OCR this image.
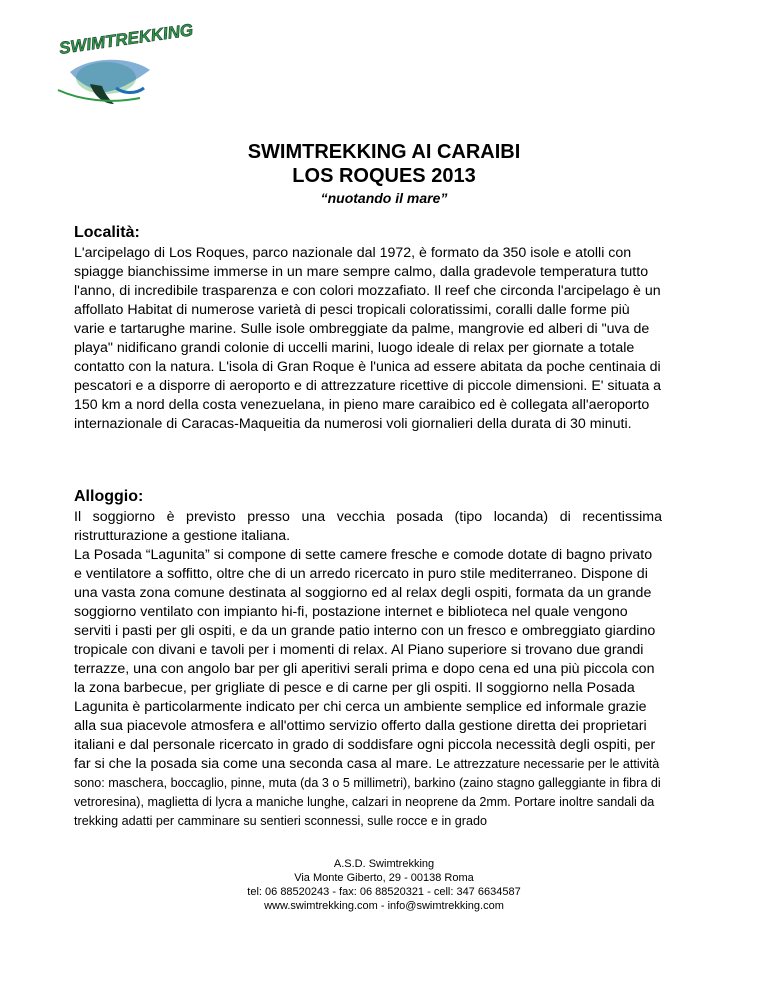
SWIMTREKKING
SWIMTREKKING AI CARAIBI
LOS ROQUES 2013
“nuotando il mare”
Località:

L'arcipelago di Los Roques, parco nazionale dal 1972, è formato da 350 isole e atolli con spiagge bianchissime immerse in un mare sempre calmo, dalla gradevole temperatura tutto l'anno, di incredibile trasparenza e con colori mozzafiato. Il reef che circonda l'arcipelago è un affollato Habitat di numerose varietà di pesci tropicali coloratissimi, coralli dalle forme più varie e tartarughe marine. Sulle isole ombreggiate da palme, mangrovie ed alberi di "uva de playa" nidificano grandi colonie di uccelli marini, luogo ideale di relax per giornate a totale contatto con la natura. L'isola di Gran Roque è l'unica ad essere abitata da poche centinaia di pescatori e a disporre di aeroporto e di attrezzature ricettive di piccole dimensioni. E' situata a 150 km a nord della costa venezuelana, in pieno mare caraibico ed è collegata all'aeroporto internazionale di Caracas-Maqueitia da numerosi voli giornalieri della durata di 30 minuti.

Alloggio:

Il soggiorno è previsto presso una vecchia posada (tipo locanda) di recentissima ristrutturazione a gestione italiana.

La Posada “Lagunita” si compone di sette camere fresche e comode dotate di bagno privato e ventilatore a soffitto, oltre che di un arredo ricercato in puro stile mediterraneo. Dispone di una vasta zona comune destinata al soggiorno ed al relax degli ospiti, formata da un grande soggiorno ventilato con impianto hi-fi, postazione internet e biblioteca nel quale vengono serviti i pasti per gli ospiti, e da un grande patio interno con un fresco e ombreggiato giardino tropicale con divani e tavoli per i momenti di relax. Al Piano superiore si trovano due grandi terrazze, una con angolo bar per gli aperitivi serali prima e dopo cena ed una più piccola con la zona barbecue, per grigliate di pesce e di carne per gli ospiti. Il soggiorno nella Posada Lagunita è particolarmente indicato per chi cerca un ambiente semplice ed informale grazie alla sua piacevole atmosfera e all'ottimo servizio offerto dalla gestione diretta dei proprietari italiani e dal personale ricercato in grado di soddisfare ogni piccola necessità degli ospiti, per far si che la posada sia come una seconda casa al mare. Le attrezzature necessarie per le attività sono: maschera, boccaglio, pinne, muta (da 3 o 5 millimetri), barkino (zaino stagno galleggiante in fibra di vetroresina), maglietta di lycra a maniche lunghe, calzari in neoprene da 2mm. Portare inoltre sandali da trekking adatti per camminare su sentieri sconnessi, sulle rocce e in grado

A.S.D. Swimtrekking
Via Monte Giberto, 29 - 00138 Roma
tel: 06 88520243 - fax: 06 88520321 - cell: 347 6634587
www.swimtrekking.com - info@swimtrekking.com
